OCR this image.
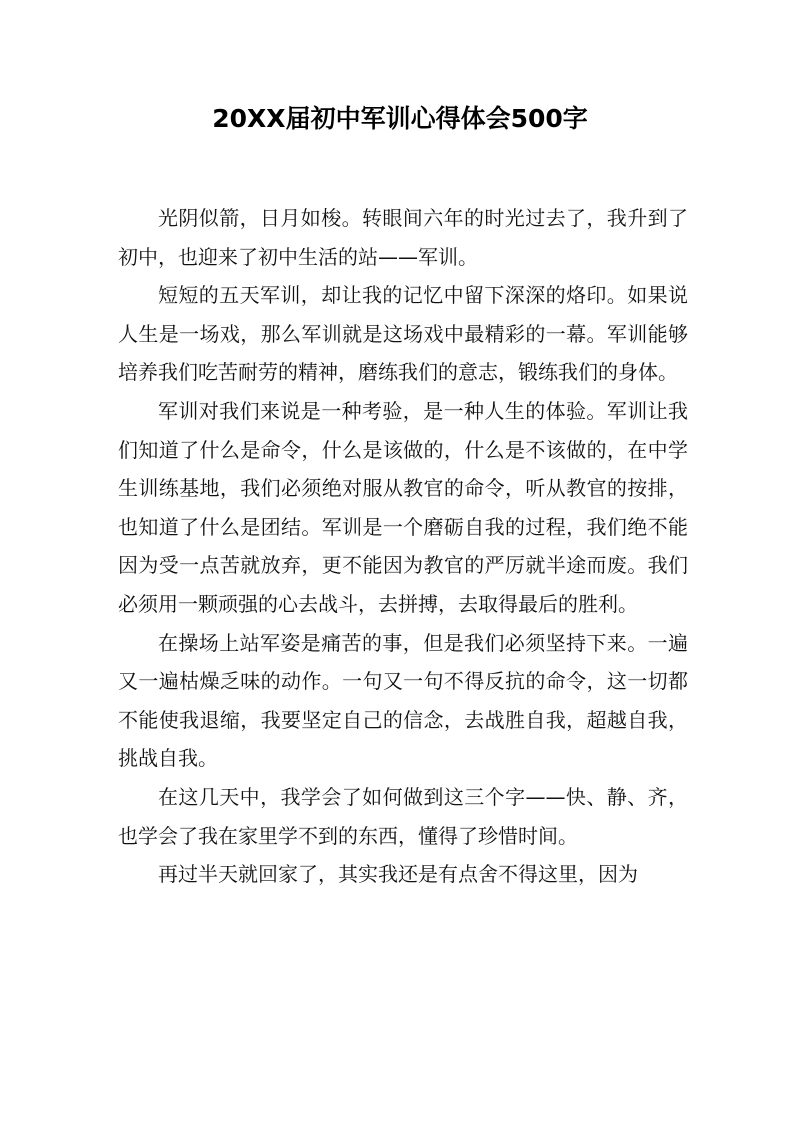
20XX届初中军训心得体会500字

光阴似箭，日月如梭。转眼间六年的时光过去了，我升到了初中，也迎来了初中生活的站——军训。

短短的五天军训，却让我的记忆中留下深深的烙印。如果说人生是一场戏，那么军训就是这场戏中最精彩的一幕。军训能够培养我们吃苦耐劳的精神，磨练我们的意志，锻练我们的身体。

军训对我们来说是一种考验，是一种人生的体验。军训让我们知道了什么是命令，什么是该做的，什么是不该做的，在中学生训练基地，我们必须绝对服从教官的命令，听从教官的按排，也知道了什么是团结。军训是一个磨砺自我的过程，我们绝不能因为受一点苦就放弃，更不能因为教官的严厉就半途而废。我们必须用一颗顽强的心去战斗，去拼搏，去取得最后的胜利。

在操场上站军姿是痛苦的事，但是我们必须坚持下来。一遍又一遍枯燥乏味的动作。一句又一句不得反抗的命令，这一切都不能使我退缩，我要坚定自己的信念，去战胜自我，超越自我，挑战自我。

在这几天中，我学会了如何做到这三个字——快、静、齐，也学会了我在家里学不到的东西，懂得了珍惜时间。

再过半天就回家了，其实我还是有点舍不得这里，因为
